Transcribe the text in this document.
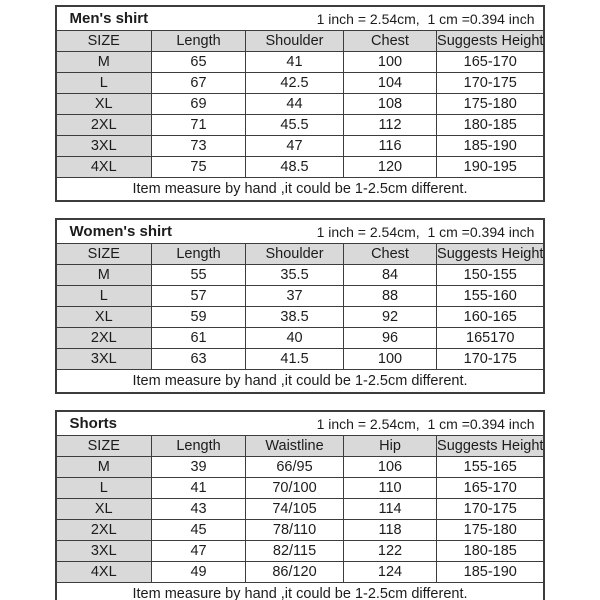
Men's shirt 1 inch = 2.54cm,  1 cm =0.394 inch				

SIZE	Length	Shoulder	Chest	Suggests Height
M	65	41	100	165-170
L	67	42.5	104	170-175
XL	69	44	108	175-180
2XL	71	45.5	112	180-185
3XL	73	47	116	185-190
4XL	75	48.5	120	190-195
Item measure by hand ,it could be 1-2.5cm different.				
Women's shirt 1 inch = 2.54cm,  1 cm =0.394 inch				

SIZE	Length	Shoulder	Chest	Suggests Height
M	55	35.5	84	150-155
L	57	37	88	155-160
XL	59	38.5	92	160-165
2XL	61	40	96	165170
3XL	63	41.5	100	170-175
Item measure by hand ,it could be 1-2.5cm different.				
Shorts 1 inch = 2.54cm,  1 cm =0.394 inch				

SIZE	Length	Waistline	Hip	Suggests Height
M	39	66/95	106	155-165
L	41	70/100	110	165-170
XL	43	74/105	114	170-175
2XL	45	78/110	118	175-180
3XL	47	82/115	122	180-185
4XL	49	86/120	124	185-190
Item measure by hand ,it could be 1-2.5cm different.				
